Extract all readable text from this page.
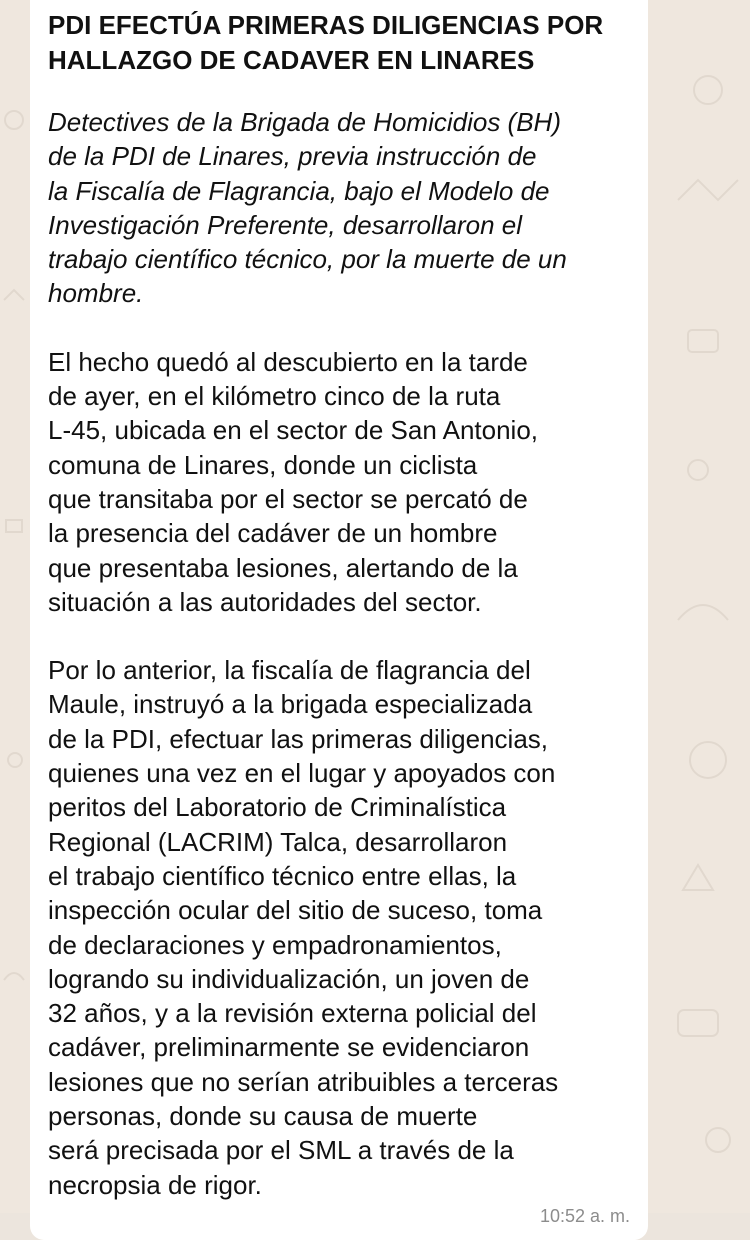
PDI EFECTÚA PRIMERAS DILIGENCIAS POR
HALLAZGO DE CADAVER EN LINARES
Detectives de la Brigada de Homicidios (BH)
de la PDI de Linares, previa instrucción de
la Fiscalía de Flagrancia, bajo el Modelo de
Investigación Preferente, desarrollaron el
trabajo científico técnico, por la muerte de un
hombre.
El hecho quedó al descubierto en la tarde
de ayer, en el kilómetro cinco de la ruta
L-45, ubicada en el sector de San Antonio,
comuna de Linares, donde un ciclista
que transitaba por el sector se percató de
la presencia del cadáver de un hombre
que presentaba lesiones, alertando de la
situación a las autoridades del sector.
Por lo anterior, la fiscalía de flagrancia del
Maule, instruyó a la brigada especializada
de la PDI, efectuar las primeras diligencias,
quienes una vez en el lugar y apoyados con
peritos del Laboratorio de Criminalística
Regional (LACRIM) Talca, desarrollaron
el trabajo científico técnico entre ellas, la
inspección ocular del sitio de suceso, toma
de declaraciones y empadronamientos,
logrando su individualización, un joven de
32 años, y a la revisión externa policial del
cadáver, preliminarmente se evidenciaron
lesiones que no serían atribuibles a terceras
personas, donde su causa de muerte
será precisada por el SML a través de la
necropsia de rigor.
10:52 a. m.
